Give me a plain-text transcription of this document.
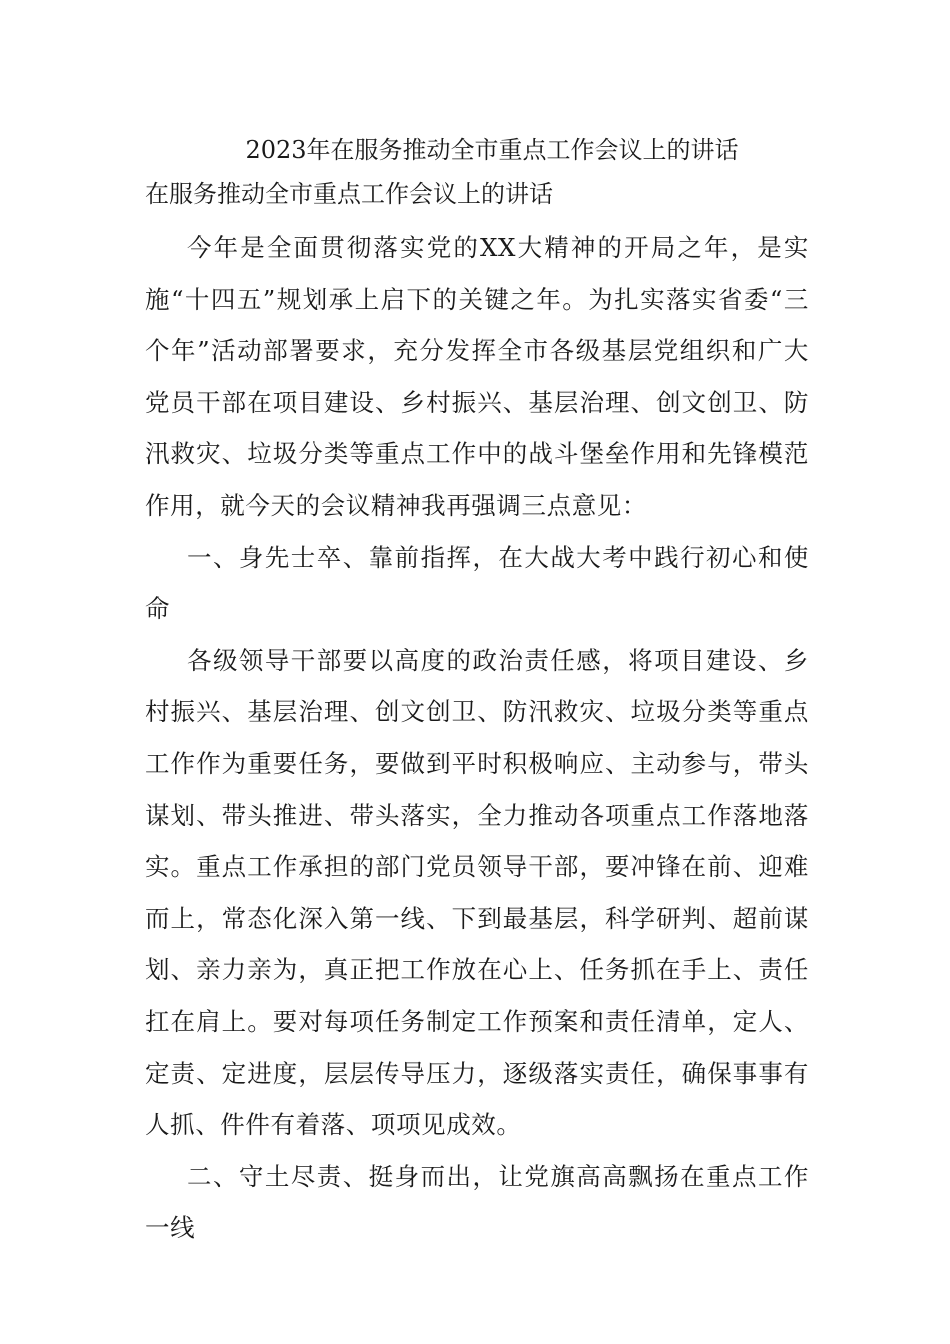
2023年在服务推动全市重点工作会议上的讲话

在服务推动全市重点工作会议上的讲话

今年是全面贯彻落实党的XX大精神的开局之年，是实施“十四五”规划承上启下的关键之年。为扎实落实省委“三个年”活动部署要求，充分发挥全市各级基层党组织和广大党员干部在项目建设、乡村振兴、基层治理、创文创卫、防汛救灾、垃圾分类等重点工作中的战斗堡垒作用和先锋模范作用，就今天的会议精神我再强调三点意见：

一、身先士卒、靠前指挥，在大战大考中践行初心和使命

各级领导干部要以高度的政治责任感，将项目建设、乡村振兴、基层治理、创文创卫、防汛救灾、垃圾分类等重点工作作为重要任务，要做到平时积极响应、主动参与，带头谋划、带头推进、带头落实，全力推动各项重点工作落地落实。重点工作承担的部门党员领导干部，要冲锋在前、迎难而上，常态化深入第一线、下到最基层，科学研判、超前谋划、亲力亲为，真正把工作放在心上、任务抓在手上、责任扛在肩上。要对每项任务制定工作预案和责任清单，定人、定责、定进度，层层传导压力，逐级落实责任，确保事事有人抓、件件有着落、项项见成效。

二、守土尽责、挺身而出，让党旗高高飘扬在重点工作一线
